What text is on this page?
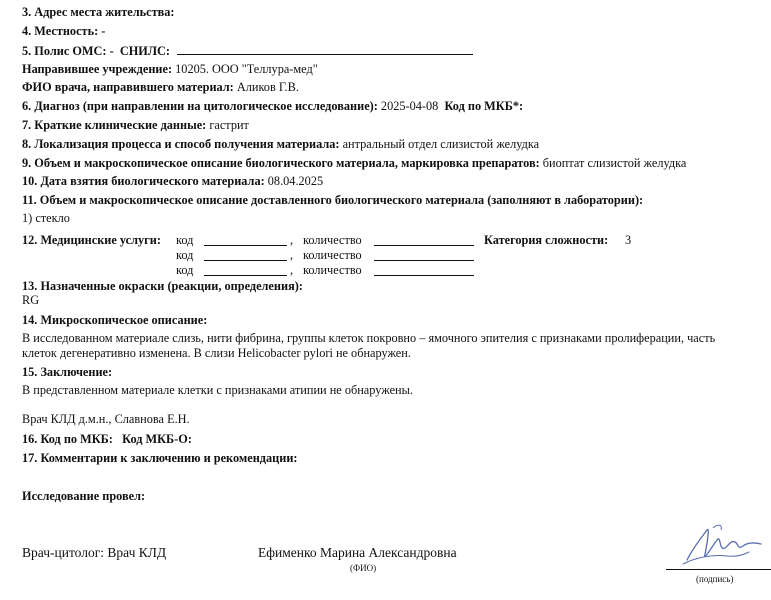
3. Адрес места жительства:
4. Местность: -
5. Полис ОМС: - СНИЛС:
Направившее учреждение: 10205. ООО "Теллура-мед"
ФИО врача, направившего материал: Аликов Г.В.
6. Диагноз (при направлении на цитологическое исследование): 2025-04-08 Код по МКБ*:
7. Краткие клинические данные: гастрит
8. Локализация процесса и способ получения материала: антральный отдел слизистой желудка
9. Объем и макроскопическое описание биологического материала, маркировка препаратов: биоптат слизистой желудка
10. Дата взятия биологического материала: 08.04.2025
11. Объем и макроскопическое описание доставленного биологического материала (заполняют в лаборатории):
1) стекло
12. Медицинские услуги: код	, количество	Категория сложности: 3
код	, количество
код	, количество
13. Назначенные окраски (реакции, определения):
RG
14. Микроскопическое описание:
В исследованном материале слизь, нити фибрина, группы клеток покровно – ямочного эпителия с признаками пролиферации, часть
клеток дегенеративно изменена. В слизи Helicobacter pylori не обнаружен.
15. Заключение:
В представленном материале клетки с признаками атипии не обнаружены.
Врач КЛД д.м.н., Славнова Е.Н.
16. Код по МКБ: Код МКБ-О:
17. Комментарии к заключению и рекомендации:
Исследование провел:
Врач-цитолог: Врач КЛД	Ефименко Марина Александровна
(ФИО)
(подпись)
